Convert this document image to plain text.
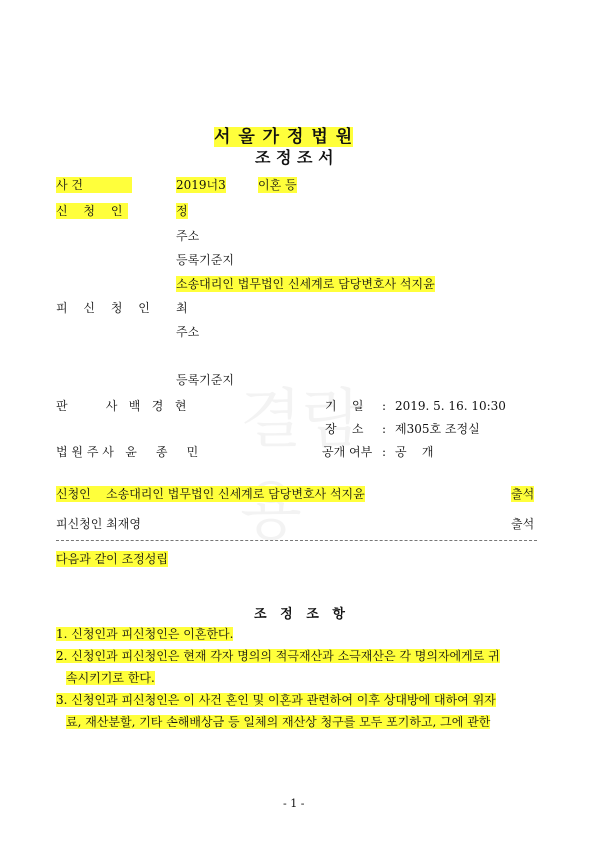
서 울 가 정 법 원
조 정 조 서
사 건	2019너3	이혼 등
신 청 인	정
주소
등록기준지
소송대리인 법무법인 신세계로 담당변호사 석지윤
피 신 청 인 최
주소
등록기준지
판          사   백   경   현	기    일 : 2019. 5. 16. 10:30
장    소 : 제305호 조정실
법 원 주 사   윤     종     민	공개 여부 : 공    개
신청인    소송대리인 법무법인 신세계로 담당변호사 석지윤	출석
피신청인 최재영	출석
다음과 같이 조정성립
조   정   조   항
1. 신청인과 피신청인은 이혼한다.
2. 신청인과 피신청인은 현재 각자 명의의 적극재산과 소극재산은 각 명의자에게로 귀
속시키기로 한다.
3. 신청인과 피신청인은 이 사건 혼인 및 이혼과 관련하여 이후 상대방에 대하여 위자
료, 재산분할, 기타 손해배상금 등 일체의 재산상 청구를 모두 포기하고, 그에 관한
- 1 -
